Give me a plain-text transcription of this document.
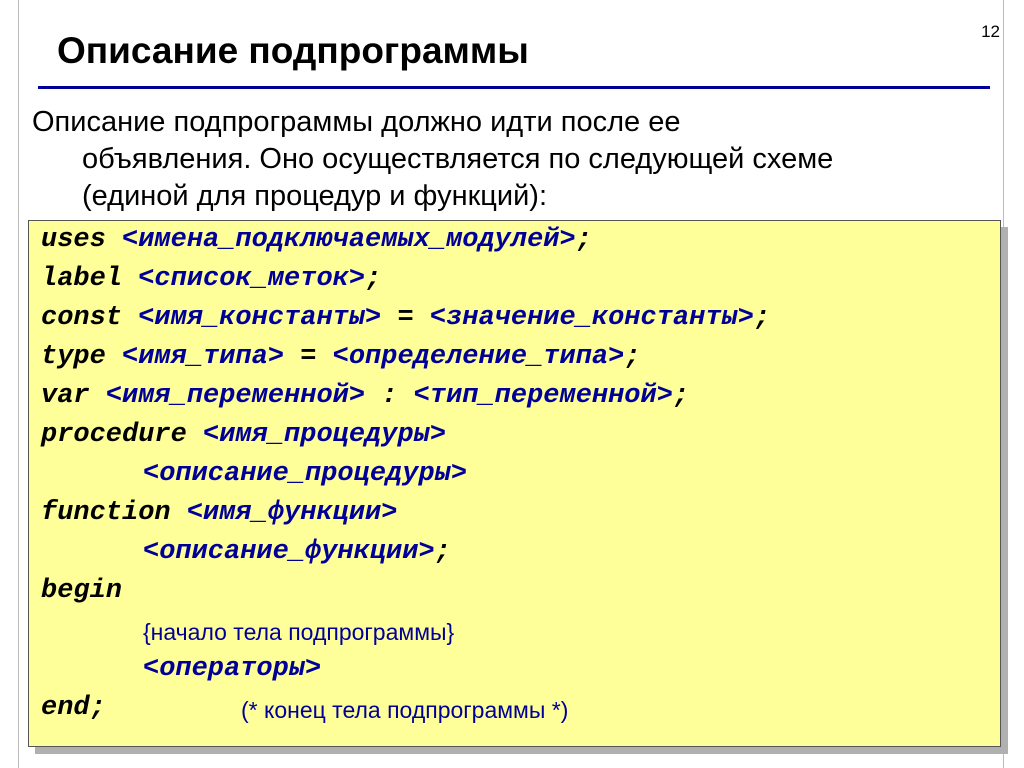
12
Описание подпрограммы
Описание подпрограммы должно идти после ее
объявления. Оно осуществляется по следующей схеме
(единой для процедур и функций):
uses <имена_подключаемых_модулей>;
label <список_меток>;
const <имя_константы> = <значение_константы>;
type <имя_типа> = <определение_типа>;
var <имя_переменной> : <тип_переменной>;
procedure <имя_процедуры>
<описание_процедуры>
function <имя_функции>
<описание_функции>;
begin
{начало тела подпрограммы}
<операторы>
end;	(* конец тела подпрограммы *)
